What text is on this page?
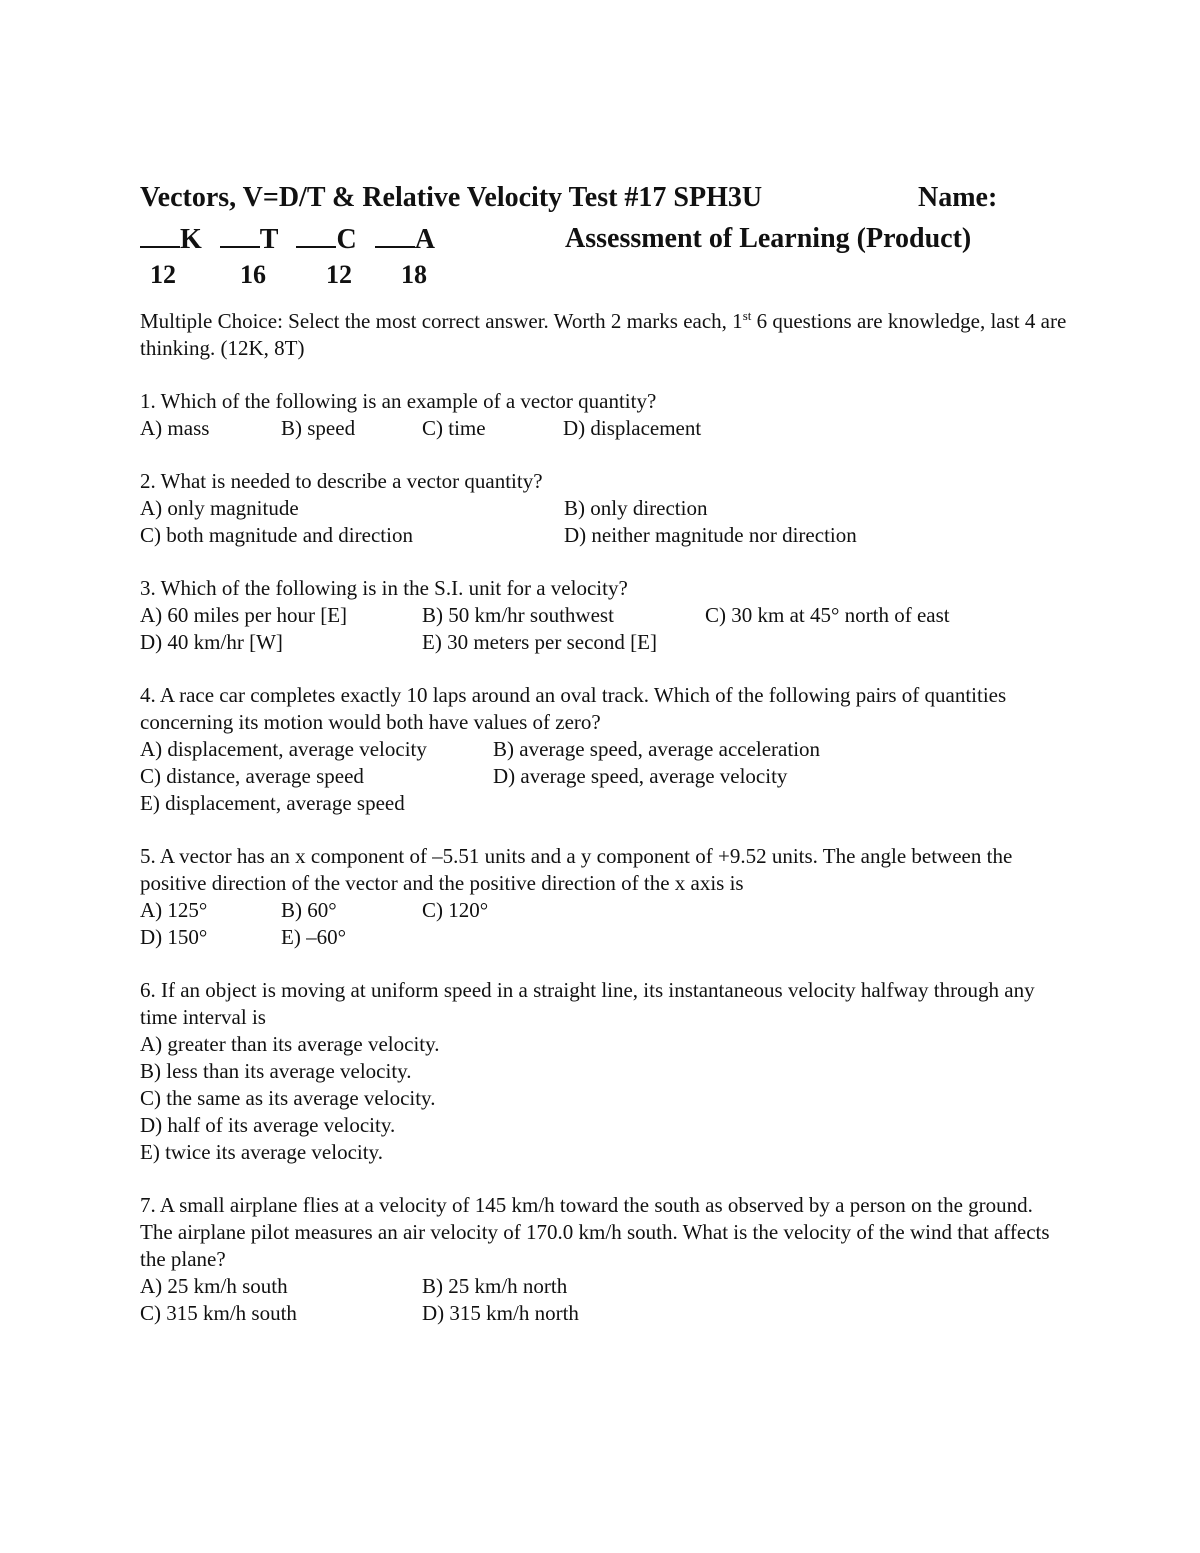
Vectors, V=D/T & Relative Velocity Test #17 SPH3U	Name:
K	T	C	A	Assessment of Learning (Product)
12	16	12	18
Multiple Choice: Select the most correct answer. Worth 2 marks each, 1st 6 questions are knowledge, last 4 are thinking. (12K, 8T)
1. Which of the following is an example of a vector quantity?
A) mass	B) speed	C) time	D) displacement
2. What is needed to describe a vector quantity?
A) only magnitude	B) only direction
C) both magnitude and direction	D) neither magnitude nor direction
3. Which of the following is in the S.I. unit for a velocity?
A) 60 miles per hour [E]	B) 50 km/hr southwest	C) 30 km at 45° north of east
D) 40 km/hr [W]	E) 30 meters per second [E]
4. A race car completes exactly 10 laps around an oval track. Which of the following pairs of quantities concerning its motion would both have values of zero?
A) displacement, average velocity	B) average speed, average acceleration
C) distance, average speed	D) average speed, average velocity
E) displacement, average speed
5. A vector has an x component of –5.51 units and a y component of +9.52 units. The angle between the positive direction of the vector and the positive direction of the x axis is
A) 125°	B) 60°	C) 120°
D) 150°	E) –60°
6. If an object is moving at uniform speed in a straight line, its instantaneous velocity halfway through any time interval is
A) greater than its average velocity.
B) less than its average velocity.
C) the same as its average velocity.
D) half of its average velocity.
E) twice its average velocity.
7. A small airplane flies at a velocity of 145 km/h toward the south as observed by a person on the ground. The airplane pilot measures an air velocity of 170.0 km/h south. What is the velocity of the wind that affects the plane?
A) 25 km/h south	B) 25 km/h north
C) 315 km/h south	D) 315 km/h north
